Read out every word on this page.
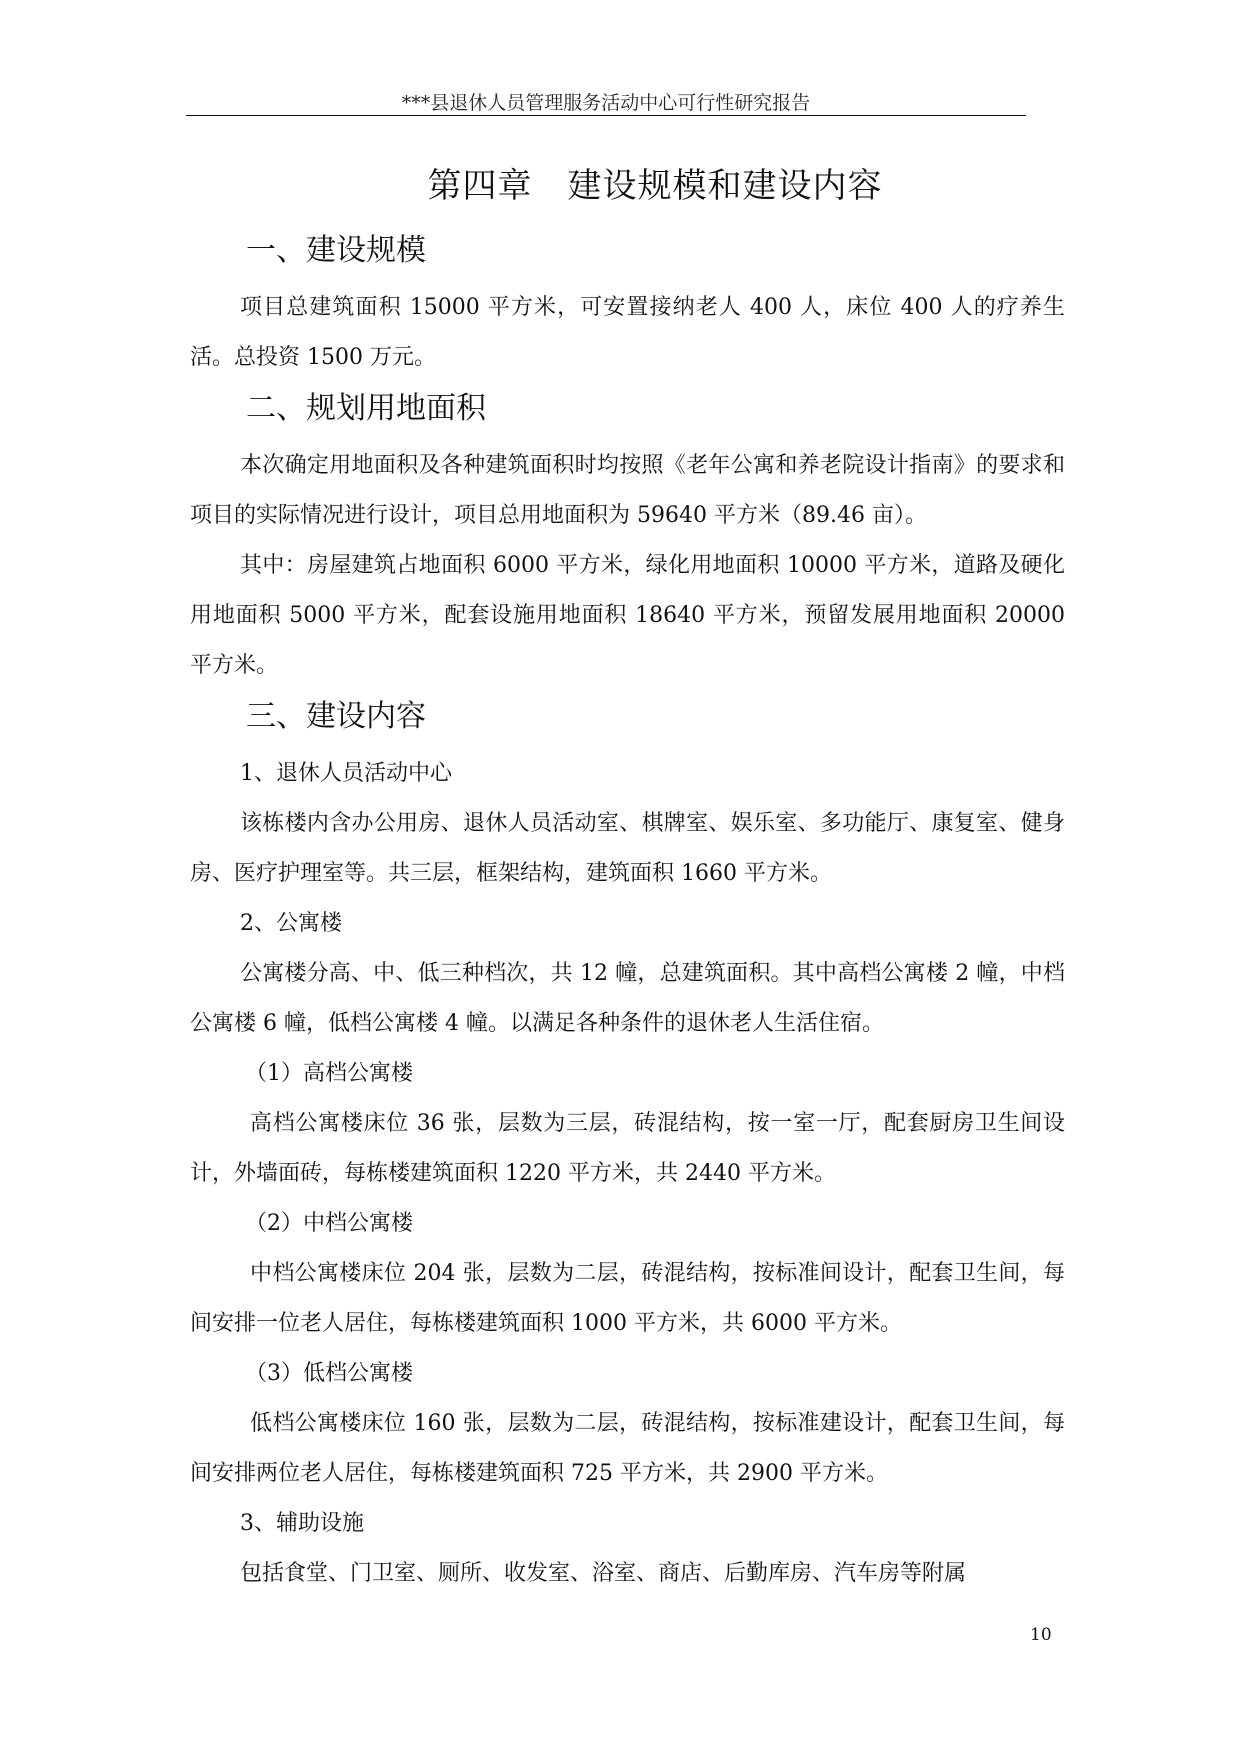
***县退休人员管理服务活动中心可行性研究报告
第四章　建设规模和建设内容
一、建设规模

项目总建筑面积 15000 平方米，可安置接纳老人 400 人，床位 400 人的疗养生活。总投资 1500 万元。

二、规划用地面积

本次确定用地面积及各种建筑面积时均按照《老年公寓和养老院设计指南》的要求和项目的实际情况进行设计，项目总用地面积为 59640 平方米（89.46 亩）。

其中：房屋建筑占地面积 6000 平方米，绿化用地面积 10000 平方米，道路及硬化用地面积 5000 平方米，配套设施用地面积 18640 平方米，预留发展用地面积 20000 平方米。

三、建设内容

1、退休人员活动中心

该栋楼内含办公用房、退休人员活动室、棋牌室、娱乐室、多功能厅、康复室、健身房、医疗护理室等。共三层，框架结构，建筑面积 1660 平方米。

2、公寓楼

公寓楼分高、中、低三种档次，共 12 幢，总建筑面积。其中高档公寓楼 2 幢，中档公寓楼 6 幢，低档公寓楼 4 幢。以满足各种条件的退休老人生活住宿。

（1）高档公寓楼

高档公寓楼床位 36 张，层数为三层，砖混结构，按一室一厅，配套厨房卫生间设计，外墙面砖，每栋楼建筑面积 1220 平方米，共 2440 平方米。

（2）中档公寓楼

中档公寓楼床位 204 张，层数为二层，砖混结构，按标准间设计，配套卫生间，每间安排一位老人居住，每栋楼建筑面积 1000 平方米，共 6000 平方米。

（3）低档公寓楼

低档公寓楼床位 160 张，层数为二层，砖混结构，按标准建设计，配套卫生间，每间安排两位老人居住，每栋楼建筑面积 725 平方米，共 2900 平方米。

3、辅助设施

包括食堂、门卫室、厕所、收发室、浴室、商店、后勤库房、汽车房等附属

10
